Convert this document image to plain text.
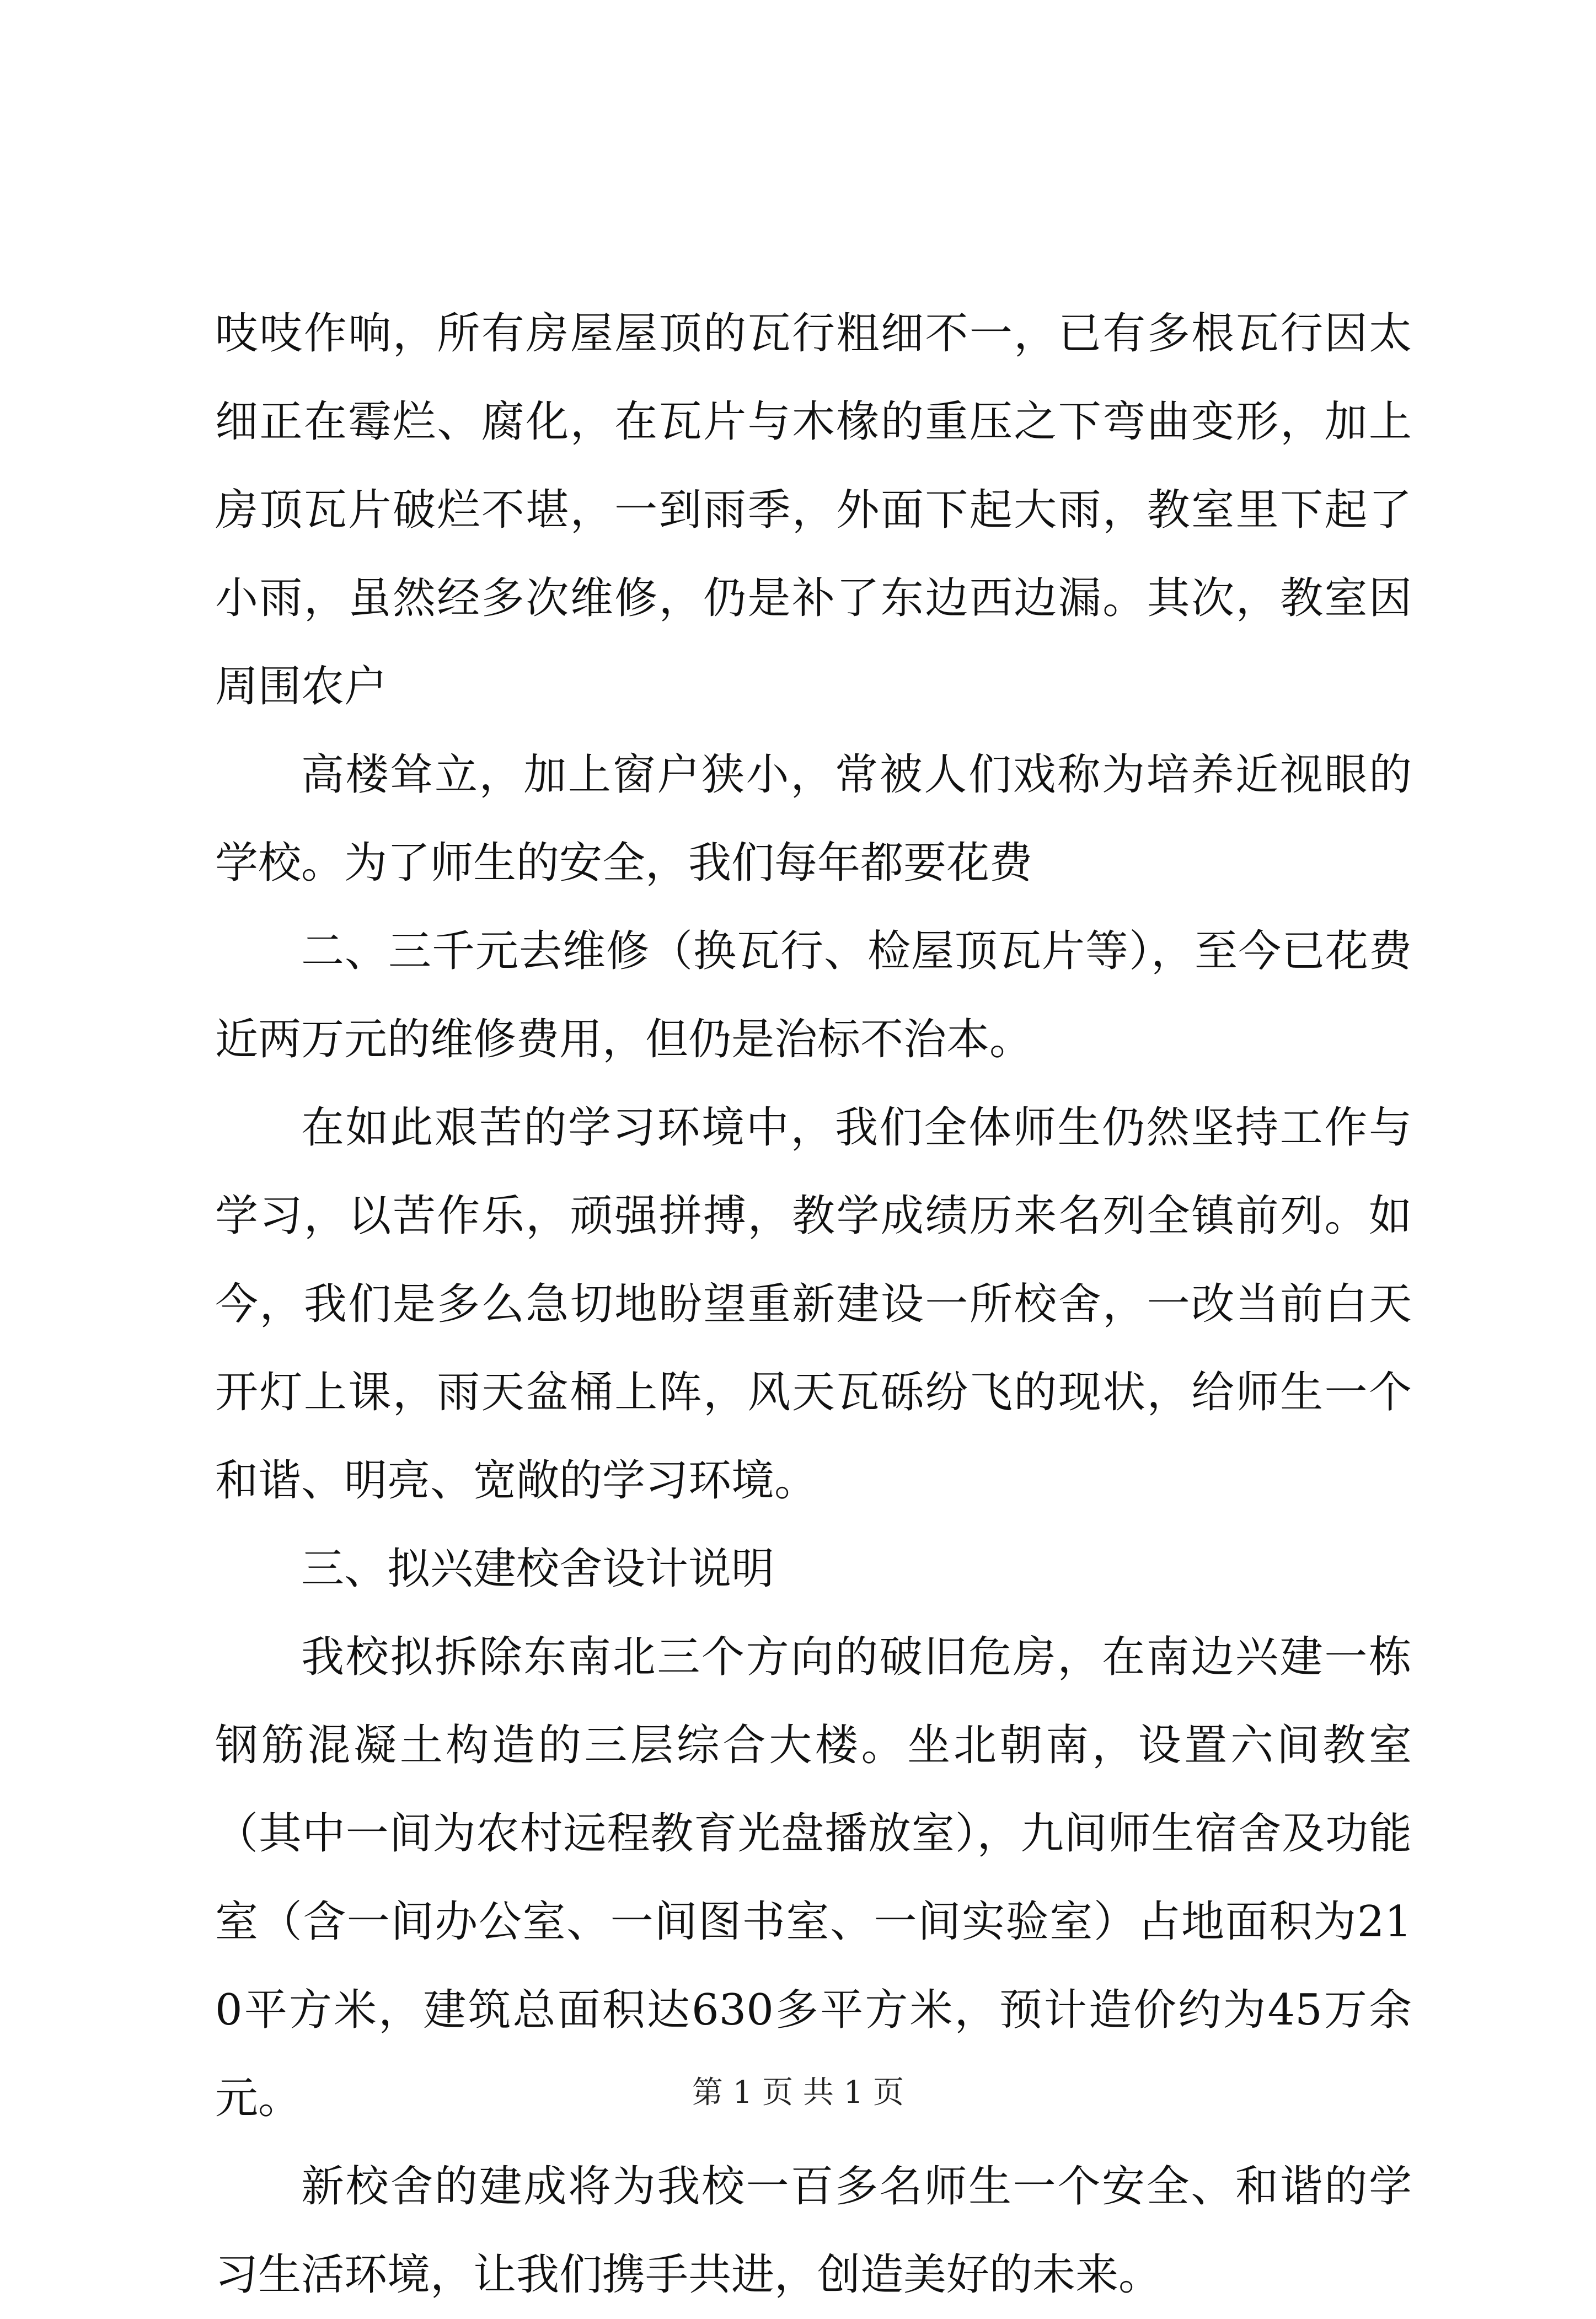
吱吱作响，所有房屋屋顶的瓦行粗细不一，已有多根瓦行因太细正在霉烂、腐化，在瓦片与木椽的重压之下弯曲变形，加上房顶瓦片破烂不堪，一到雨季，外面下起大雨，教室里下起了小雨，虽然经多次维修，仍是补了东边西边漏。其次，教室因周围农户

高楼耸立，加上窗户狭小，常被人们戏称为培养近视眼的学校。为了师生的安全，我们每年都要花费

二、三千元去维修（换瓦行、检屋顶瓦片等），至今已花费近两万元的维修费用，但仍是治标不治本。

在如此艰苦的学习环境中，我们全体师生仍然坚持工作与学习，以苦作乐，顽强拼搏，教学成绩历来名列全镇前列。如今，我们是多么急切地盼望重新建设一所校舍，一改当前白天开灯上课，雨天盆桶上阵，风天瓦砾纷飞的现状，给师生一个和谐、明亮、宽敞的学习环境。

三、拟兴建校舍设计说明

我校拟拆除东南北三个方向的破旧危房，在南边兴建一栋钢筋混凝土构造的三层综合大楼。坐北朝南，设置六间教室（其中一间为农村远程教育光盘播放室），九间师生宿舍及功能室（含一间办公室、一间图书室、一间实验室）占地面积为210平方米，建筑总面积达630多平方米，预计造价约为45万余元。

新校舍的建成将为我校一百多名师生一个安全、和谐的学习生活环境，让我们携手共进，创造美好的未来。

第 1 页 共 1 页
